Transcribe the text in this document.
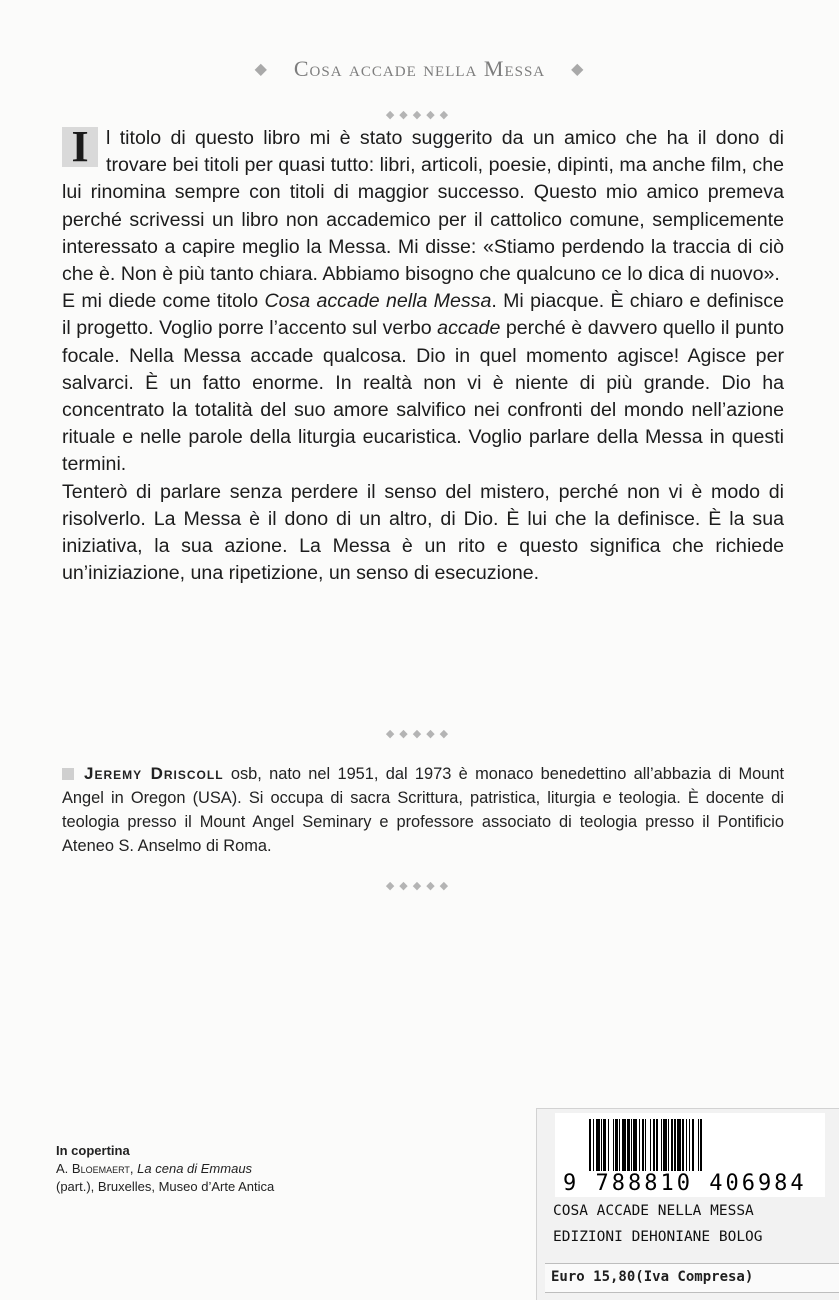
◆ Cosa accade nella Messa ◆
◆◆◆◆◆

I l titolo di questo libro mi è stato suggerito da un amico che ha il dono di trovare bei titoli per quasi tutto: libri, articoli, poesie, dipinti, ma anche film, che lui rinomina sempre con titoli di maggior successo. Questo mio amico premeva perché scrivessi un libro non accademico per il cattolico comune, semplicemente interessato a capire meglio la Messa. Mi disse: «Stiamo perdendo la traccia di ciò che è. Non è più tanto chiara. Abbiamo bisogno che qualcuno ce lo dica di nuovo».

E mi diede come titolo Cosa accade nella Messa. Mi piacque. È chiaro e definisce il progetto. Voglio porre l’accento sul verbo accade perché è davvero quello il punto focale. Nella Messa accade qualcosa. Dio in quel momento agisce! Agisce per salvarci. È un fatto enorme. In realtà non vi è niente di più grande. Dio ha concentrato la totalità del suo amore salvifico nei confronti del mondo nell’azione rituale e nelle parole della liturgia eucaristica. Voglio parlare della Messa in questi termini.

Tenterò di parlare senza perdere il senso del mistero, perché non vi è modo di risolverlo. La Messa è il dono di un altro, di Dio. È lui che la definisce. È la sua iniziativa, la sua azione. La Messa è un rito e questo significa che richiede un’iniziazione, una ripetizione, un senso di esecuzione.

◆◆◆◆◆
Jeremy Driscoll osb, nato nel 1951, dal 1973 è monaco benedettino all’abbazia di Mount Angel in Oregon (USA). Si occupa di sacra Scrittura, patristica, liturgia e teologia. È docente di teologia presso il Mount Angel Seminary e professore associato di teologia presso il Pontificio Ateneo S. Anselmo di Roma.
◆◆◆◆◆
In copertina
A. Bloemaert, La cena di Emmaus (part.), Bruxelles, Museo d’Arte Antica	9 788810 406984
COSA ACCADE NELLA MESSA
EDIZIONI DEHONIANE BOLOG
Euro 15,80(Iva Compresa)
